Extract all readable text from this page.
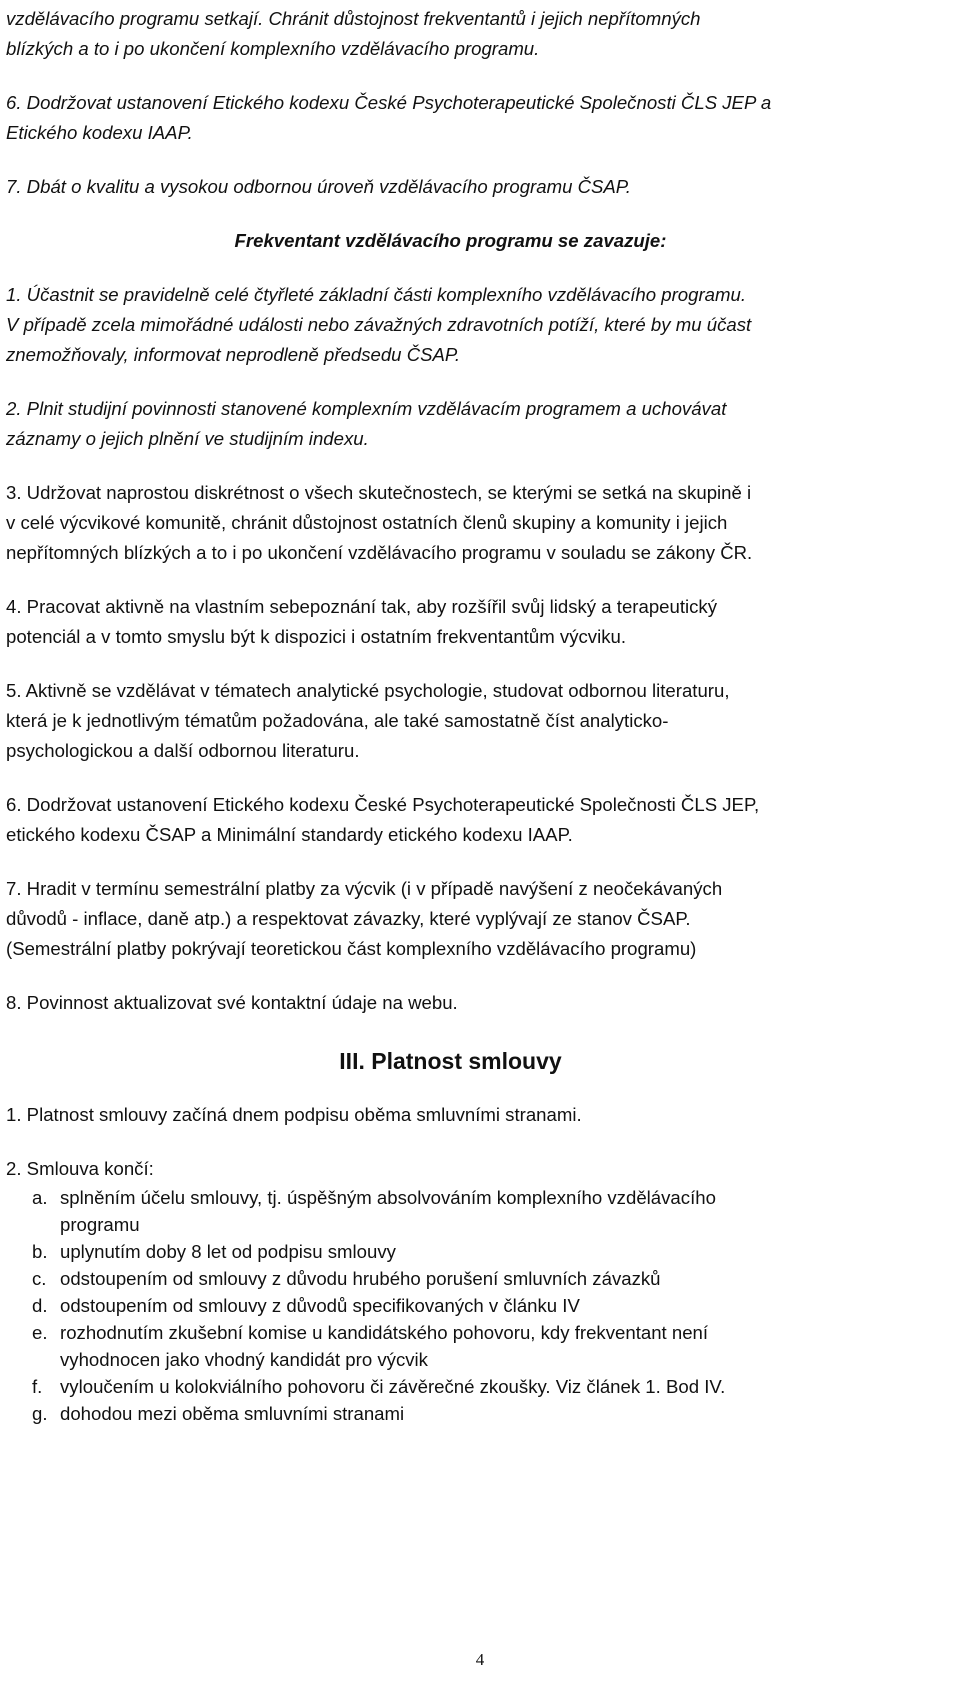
vzdělávacího programu setkají. Chránit důstojnost frekventantů i jejich nepřítomných
blízkých a to i po ukončení komplexního vzdělávacího programu.

6. Dodržovat ustanovení Etického kodexu České Psychoterapeutické Společnosti ČLS JEP a
Etického kodexu IAAP.

7. Dbát o kvalitu a vysokou odbornou úroveň vzdělávacího programu ČSAP.

Frekventant vzdělávacího programu se zavazuje:

1. Účastnit se pravidelně celé čtyřleté základní části komplexního vzdělávacího programu.
V případě zcela mimořádné události nebo závažných zdravotních potíží, které by mu účast
znemožňovaly, informovat neprodleně předsedu ČSAP.

2. Plnit studijní povinnosti stanovené komplexním vzdělávacím programem a uchovávat
záznamy o jejich plnění ve studijním indexu.

3. Udržovat naprostou diskrétnost o všech skutečnostech, se kterými se setká na skupině i
v celé výcvikové komunitě, chránit důstojnost ostatních členů skupiny a komunity i jejich
nepřítomných blízkých a to i po ukončení vzdělávacího programu v souladu se zákony ČR.

4. Pracovat aktivně na vlastním sebepoznání tak, aby rozšířil svůj lidský a terapeutický
potenciál a v tomto smyslu být k dispozici i ostatním frekventantům výcviku.

5. Aktivně se vzdělávat v tématech analytické psychologie, studovat odbornou literaturu,
která je k jednotlivým tématům požadována, ale také samostatně číst analyticko-
psychologickou a další odbornou literaturu.

6. Dodržovat ustanovení Etického kodexu České Psychoterapeutické Společnosti ČLS JEP,
etického kodexu ČSAP a Minimální standardy etického kodexu IAAP.

7. Hradit v termínu semestrální platby za výcvik (i v případě navýšení z neočekávaných
důvodů - inflace, daně atp.) a respektovat závazky, které vyplývají ze stanov ČSAP.
(Semestrální platby pokrývají teoretickou část komplexního vzdělávacího programu)

8. Povinnost aktualizovat své kontaktní údaje na webu.

III. Platnost smlouvy

1. Platnost smlouvy začíná dnem podpisu oběma smluvními stranami.

2. Smlouva končí:

a. splněním účelu smlouvy, tj. úspěšným absolvováním komplexního vzdělávacího
programu
b. uplynutím doby 8 let od podpisu smlouvy
c. odstoupením od smlouvy z důvodu hrubého porušení smluvních závazků
d. odstoupením od smlouvy z důvodů specifikovaných v článku IV
e. rozhodnutím zkušební komise u kandidátského pohovoru, kdy frekventant není
vyhodnocen jako vhodný kandidát pro výcvik
f. vyloučením u kolokviálního pohovoru či závěrečné zkoušky. Viz článek 1. Bod IV.
g. dohodou mezi oběma smluvními stranami
4
